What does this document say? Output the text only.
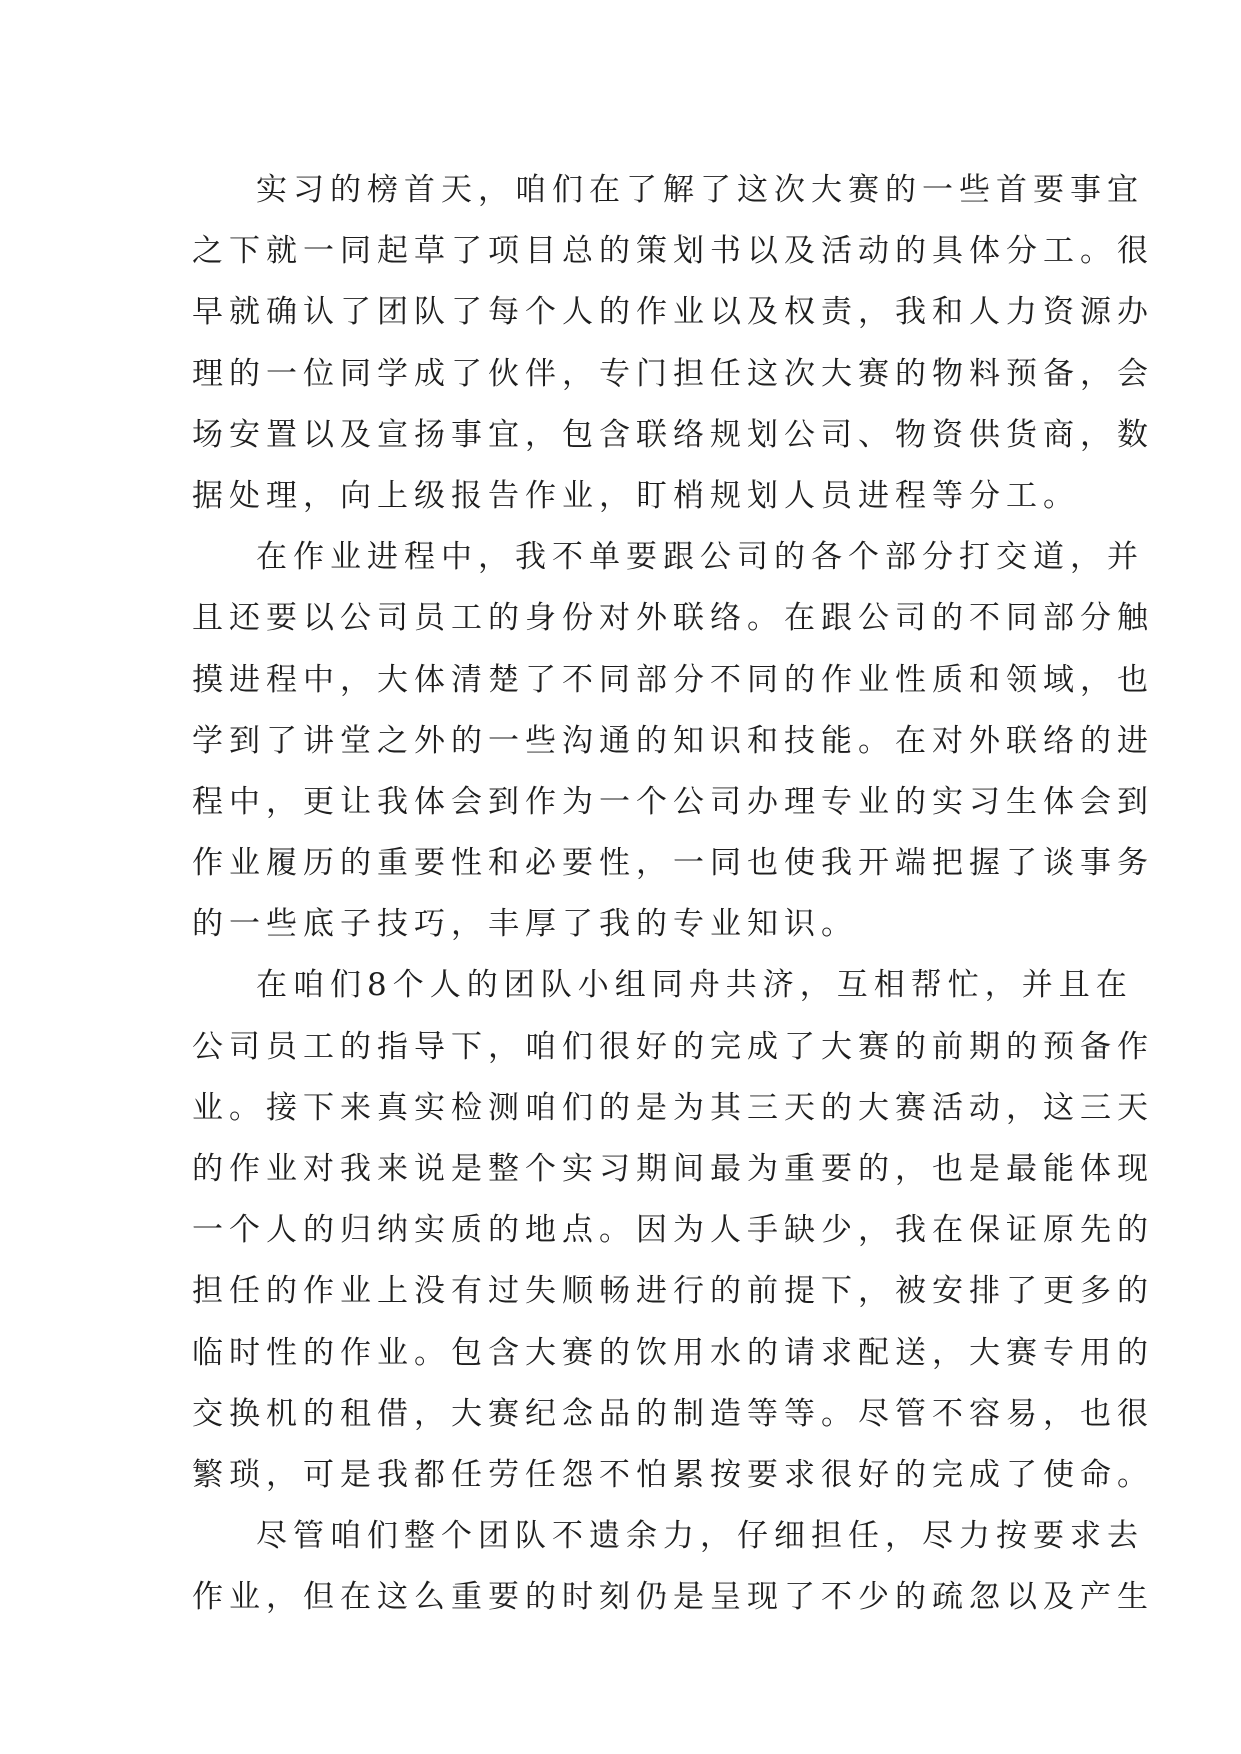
实习的榜首天，咱们在了解了这次大赛的一些首要事宜
之下就一同起草了项目总的策划书以及活动的具体分工。很
早就确认了团队了每个人的作业以及权责，我和人力资源办
理的一位同学成了伙伴，专门担任这次大赛的物料预备，会
场安置以及宣扬事宜，包含联络规划公司、物资供货商，数
据处理，向上级报告作业，盯梢规划人员进程等分工。
在作业进程中，我不单要跟公司的各个部分打交道，并
且还要以公司员工的身份对外联络。在跟公司的不同部分触
摸进程中，大体清楚了不同部分不同的作业性质和领域，也
学到了讲堂之外的一些沟通的知识和技能。在对外联络的进
程中，更让我体会到作为一个公司办理专业的实习生体会到
作业履历的重要性和必要性，一同也使我开端把握了谈事务
的一些底子技巧，丰厚了我的专业知识。
在咱们8个人的团队小组同舟共济，互相帮忙，并且在
公司员工的指导下，咱们很好的完成了大赛的前期的预备作
业。接下来真实检测咱们的是为其三天的大赛活动，这三天
的作业对我来说是整个实习期间最为重要的，也是最能体现
一个人的归纳实质的地点。因为人手缺少，我在保证原先的
担任的作业上没有过失顺畅进行的前提下，被安排了更多的
临时性的作业。包含大赛的饮用水的请求配送，大赛专用的
交换机的租借，大赛纪念品的制造等等。尽管不容易，也很
繁琐，可是我都任劳任怨不怕累按要求很好的完成了使命。
尽管咱们整个团队不遗余力，仔细担任，尽力按要求去
作业，但在这么重要的时刻仍是呈现了不少的疏忽以及产生
